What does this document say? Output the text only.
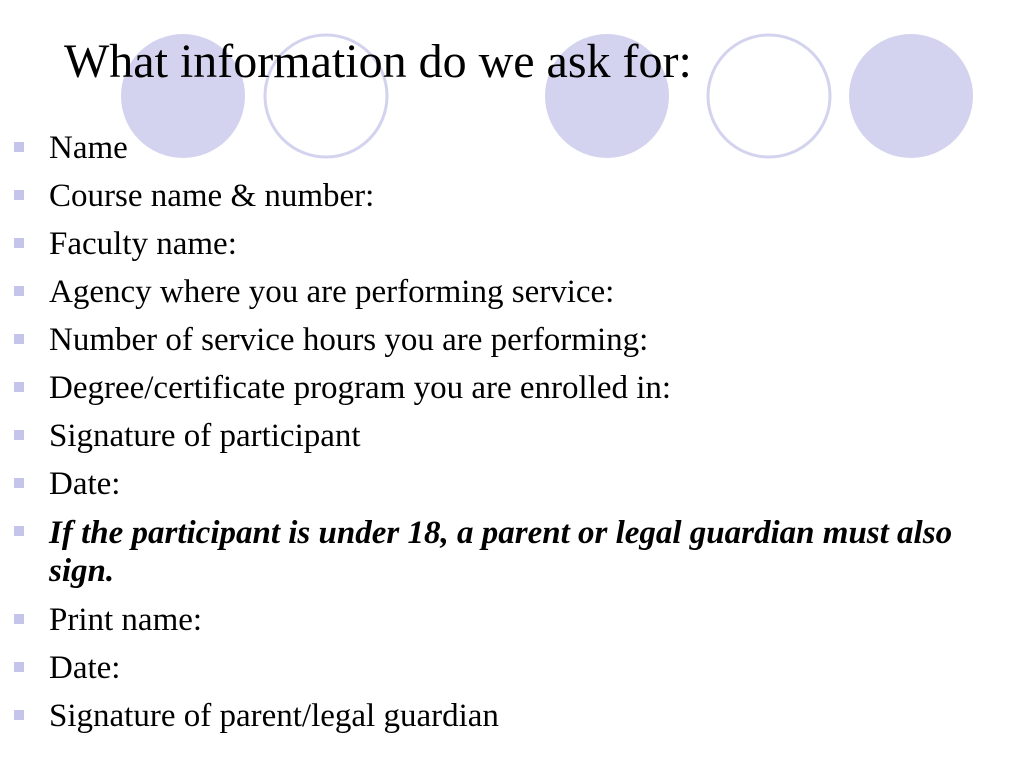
What information do we ask for:
Name
Course name & number:
Faculty name:
Agency where you are performing service:
Number of service hours you are performing:
Degree/certificate program you are enrolled in:
Signature of participant
Date:
If the participant is under 18, a parent or legal guardian must also sign.
Print name:
Date:
Signature of parent/legal guardian
